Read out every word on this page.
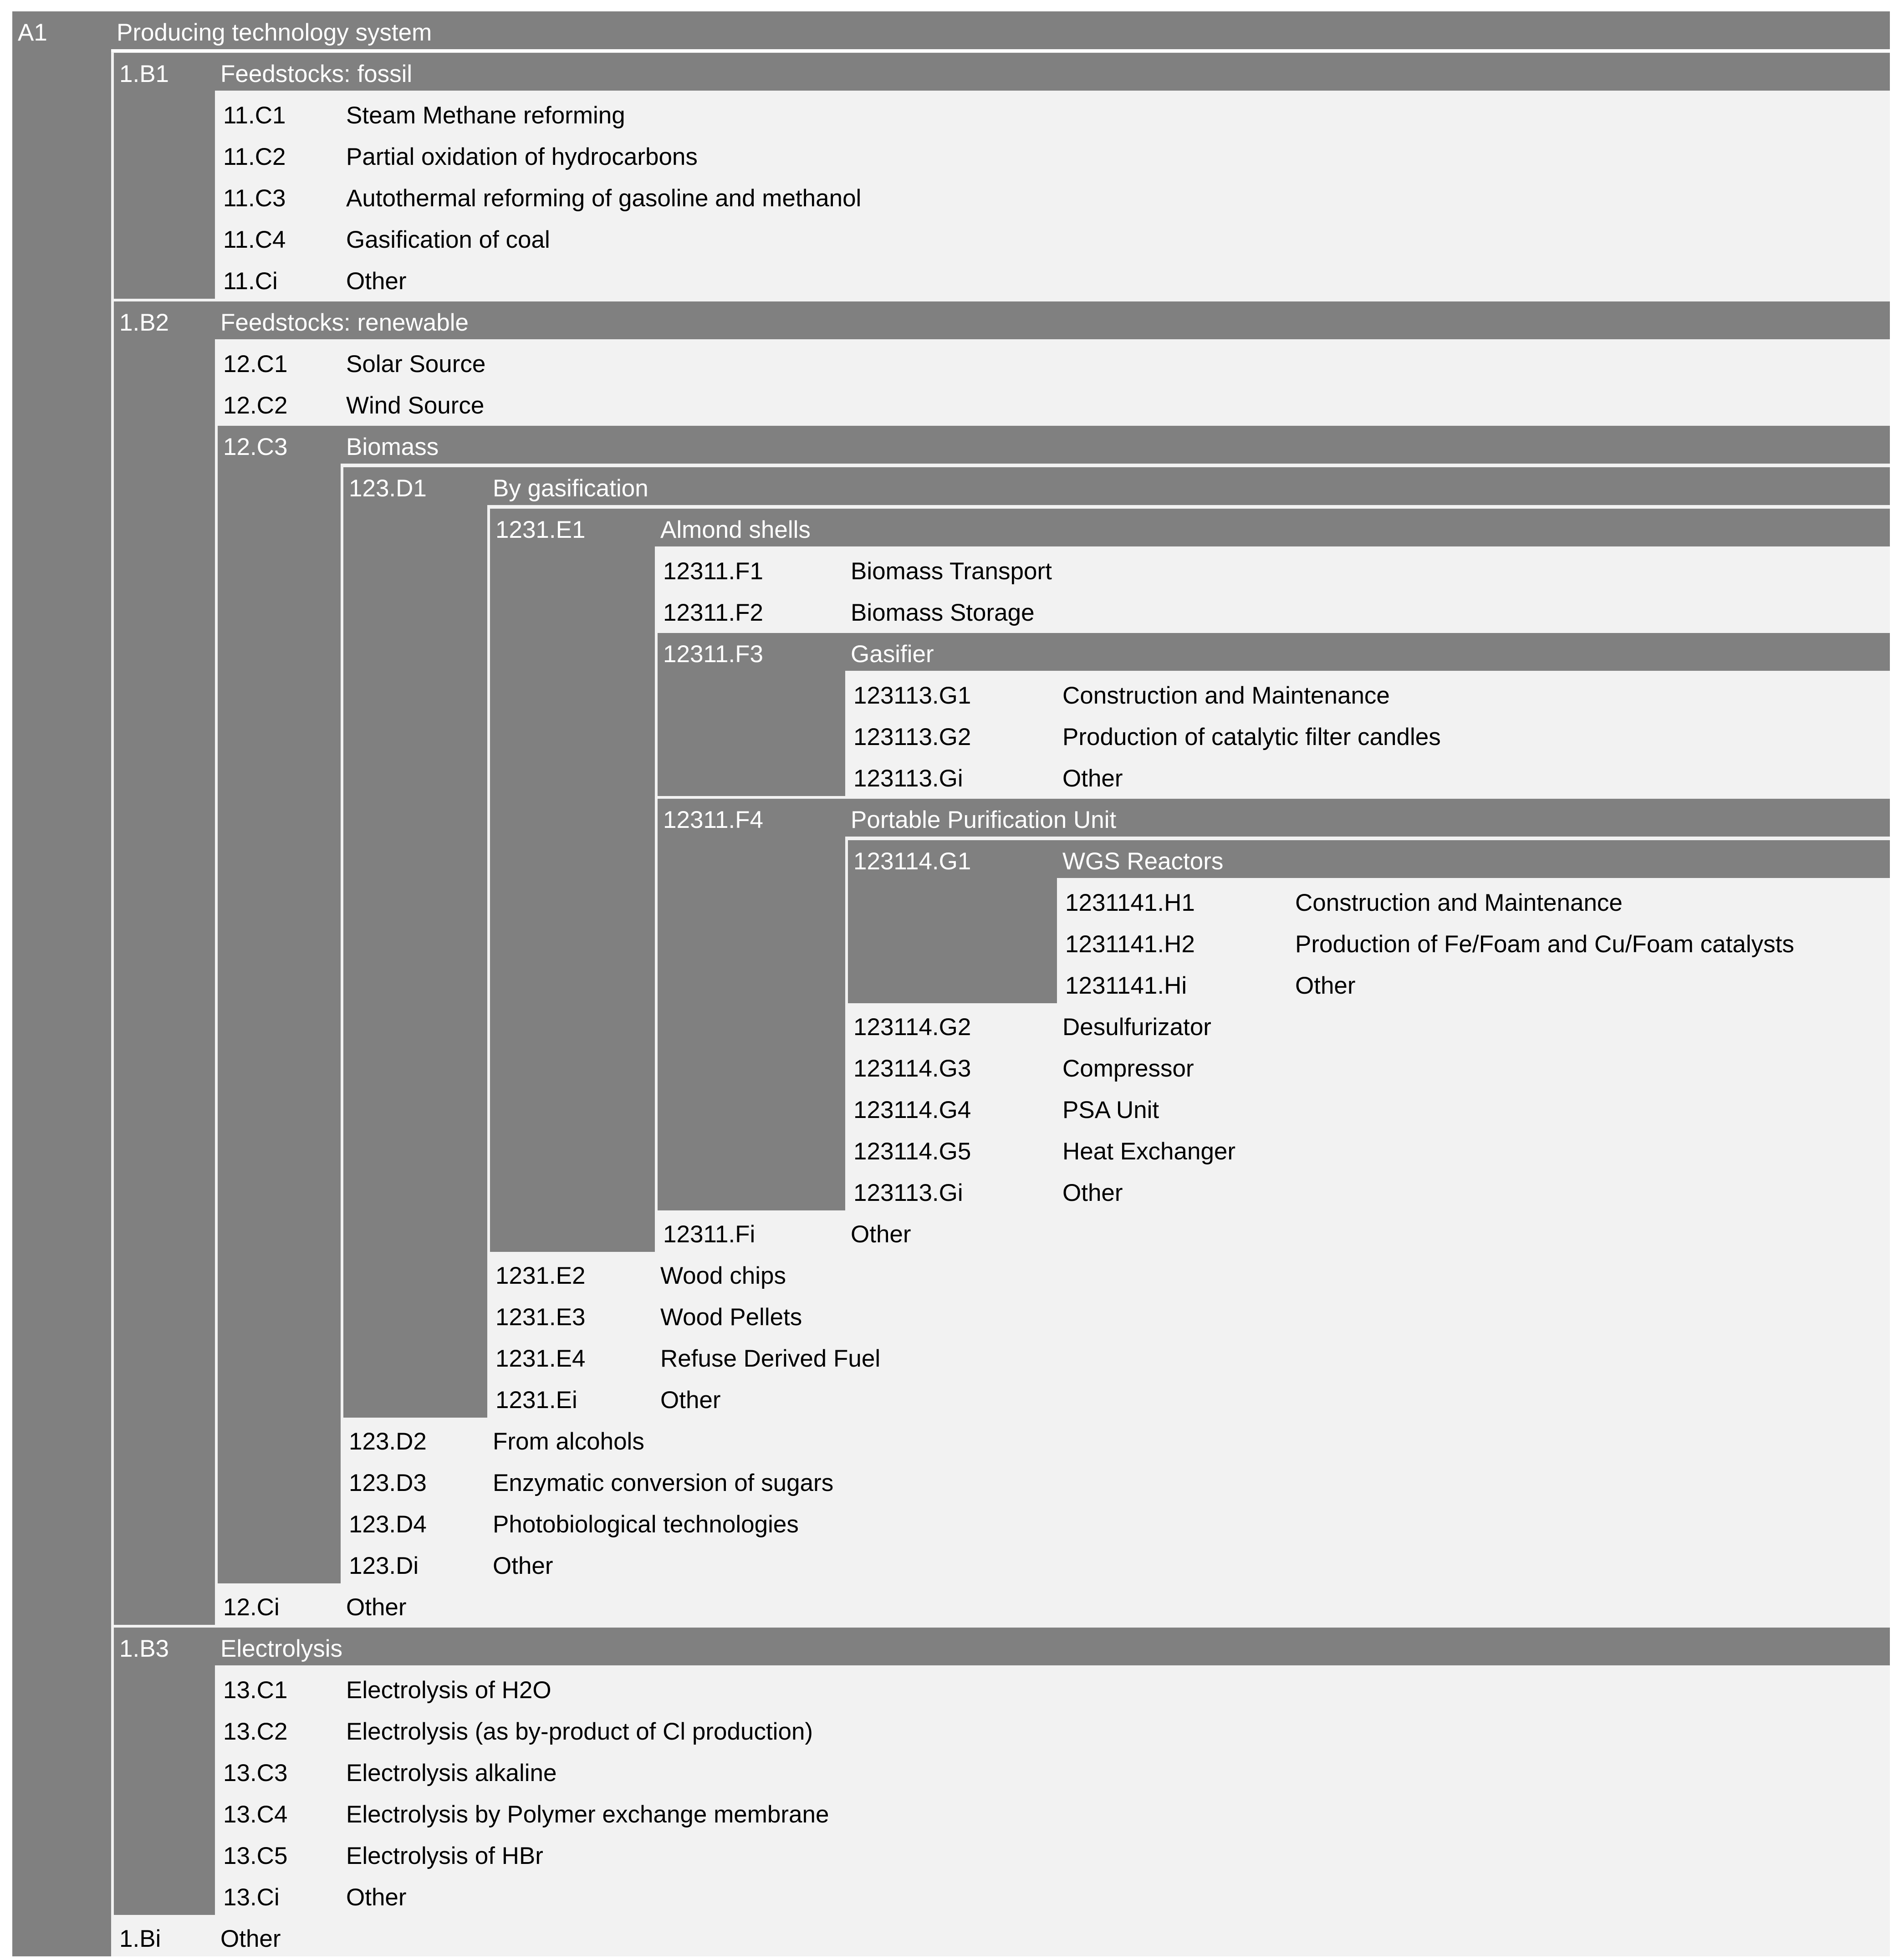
A1	Producing technology system
1.B1 Feedstocks: fossil
11.C1	Steam Methane reforming
11.C2	Partial oxidation of hydrocarbons
11.C3	Autothermal reforming of gasoline and methanol
11.C4	Gasification of coal
11.Ci	Other
1.B2 Feedstocks: renewable
12.C1 Solar Source
12.C2 Wind Source
12.C3 Biomass
123.D1	By gasification
1231.E1	Almond shells
12311.F1	Biomass Transport
12311.F2	Biomass Storage
12311.F3	Gasifier
123113.G1	Construction and Maintenance
123113.G2	Production of catalytic filter candles
123113.Gi	Other
12311.F4	Portable Purification Unit
123114.G1	WGS Reactors
1231141.H1	Construction and Maintenance
1231141.H2	Production of Fe/Foam and Cu/Foam catalysts
1231141.Hi	Other
123114.G2	Desulfurizator
123114.G3	Compressor
123114.G4	PSA Unit
123114.G5	Heat Exchanger
123113.Gi	Other
12311.Fi	Other
1231.E2	Wood chips
1231.E3	Wood Pellets
1231.E4	Refuse Derived Fuel
1231.Ei	Other
123.D2	From alcohols
123.D3	Enzymatic conversion of sugars
123.D4	Photobiological technologies
123.Di	Other
12.Ci	Other
1.B3 Electrolysis
13.C1 Electrolysis of H2O
13.C2 Electrolysis (as by-product of Cl production)
13.C3 Electrolysis alkaline
13.C4 Electrolysis by Polymer exchange membrane
13.C5 Electrolysis of HBr
13.Ci	Other
1.Bi Other
